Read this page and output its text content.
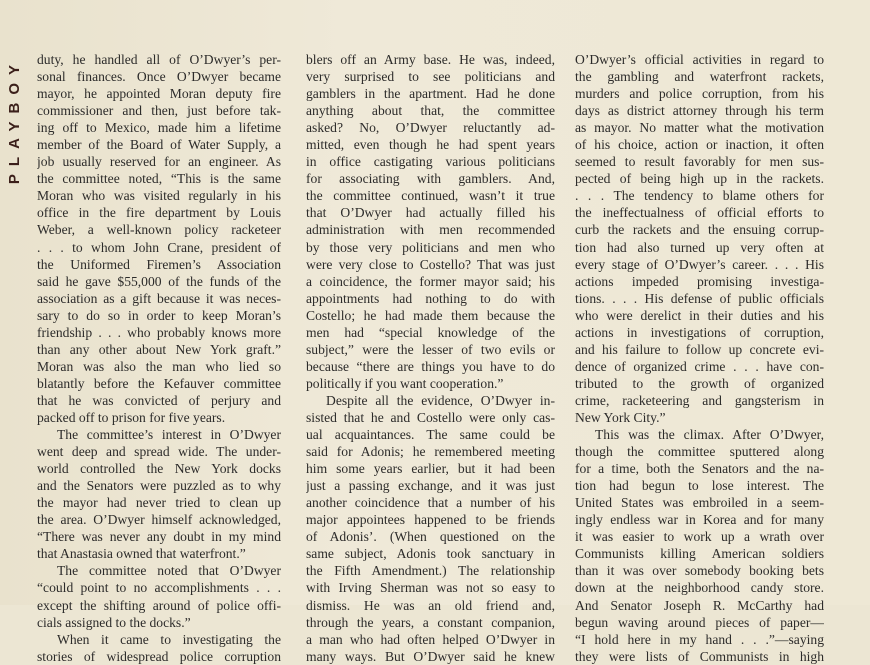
PLAYBOY duty, he handled all of O’Dwyer’s per-
sonal finances. Once O’Dwyer became
mayor, he appointed Moran deputy fire
commissioner and then, just before tak-
ing off to Mexico, made him a lifetime
member of the Board of Water Supply, a
job usually reserved for an engineer. As
the committee noted, “This is the same
Moran who was visited regularly in his
office in the fire department by Louis
Weber, a well-known policy racketeer
. . . to whom John Crane, president of
the Uniformed Firemen’s Association
said he gave $55,000 of the funds of the
association as a gift because it was neces-
sary to do so in order to keep Moran’s
friendship . . . who probably knows more
than any other about New York graft.”
Moran was also the man who lied so
blatantly before the Kefauver committee
that he was convicted of perjury and
packed off to prison for five years.
The committee’s interest in O’Dwyer
went deep and spread wide. The under-
world controlled the New York docks
and the Senators were puzzled as to why
the mayor had never tried to clean up
the area. O’Dwyer himself acknowledged,
“There was never any doubt in my mind
that Anastasia owned that waterfront.”
The committee noted that O’Dwyer
“could point to no accomplishments . . .
except the shifting around of police offi-
cials assigned to the docks.”
When it came to investigating the
stories of widespread police corruption
blers off an Army base. He was, indeed,
very surprised to see politicians and
gamblers in the apartment. Had he done
anything about that, the committee
asked? No, O’Dwyer reluctantly ad-
mitted, even though he had spent years
in office castigating various politicians
for associating with gamblers. And,
the committee continued, wasn’t it true
that O’Dwyer had actually filled his
administration with men recommended
by those very politicians and men who
were very close to Costello? That was just
a coincidence, the former mayor said; his
appointments had nothing to do with
Costello; he had made them because the
men had “special knowledge of the
subject,” were the lesser of two evils or
because “there are things you have to do
politically if you want cooperation.”
Despite all the evidence, O’Dwyer in-
sisted that he and Costello were only cas-
ual acquaintances. The same could be
said for Adonis; he remembered meeting
him some years earlier, but it had been
just a passing exchange, and it was just
another coincidence that a number of his
major appointees happened to be friends
of Adonis’. (When questioned on the
same subject, Adonis took sanctuary in
the Fifth Amendment.) The relationship
with Irving Sherman was not so easy to
dismiss. He was an old friend and,
through the years, a constant companion,
a man who had often helped O’Dwyer in
many ways. But O’Dwyer said he knew
O’Dwyer’s official activities in regard to
the gambling and waterfront rackets,
murders and police corruption, from his
days as district attorney through his term
as mayor. No matter what the motivation
of his choice, action or inaction, it often
seemed to result favorably for men sus-
pected of being high up in the rackets.
. . . The tendency to blame others for
the ineffectualness of official efforts to
curb the rackets and the ensuing corrup-
tion had also turned up very often at
every stage of O’Dwyer’s career. . . . His
actions impeded promising investiga-
tions. . . . His defense of public officials
who were derelict in their duties and his
actions in investigations of corruption,
and his failure to follow up concrete evi-
dence of organized crime . . . have con-
tributed to the growth of organized
crime, racketeering and gangsterism in
New York City.”
This was the climax. After O’Dwyer,
though the committee sputtered along
for a time, both the Senators and the na-
tion had begun to lose interest. The
United States was embroiled in a seem-
ingly endless war in Korea and for many
it was easier to work up a wrath over
Communists killing American soldiers
than it was over somebody booking bets
down at the neighborhood candy store.
And Senator Joseph R. McCarthy had
begun waving around pieces of paper—
“I hold here in my hand . . .”—saying
they were lists of Communists in high
